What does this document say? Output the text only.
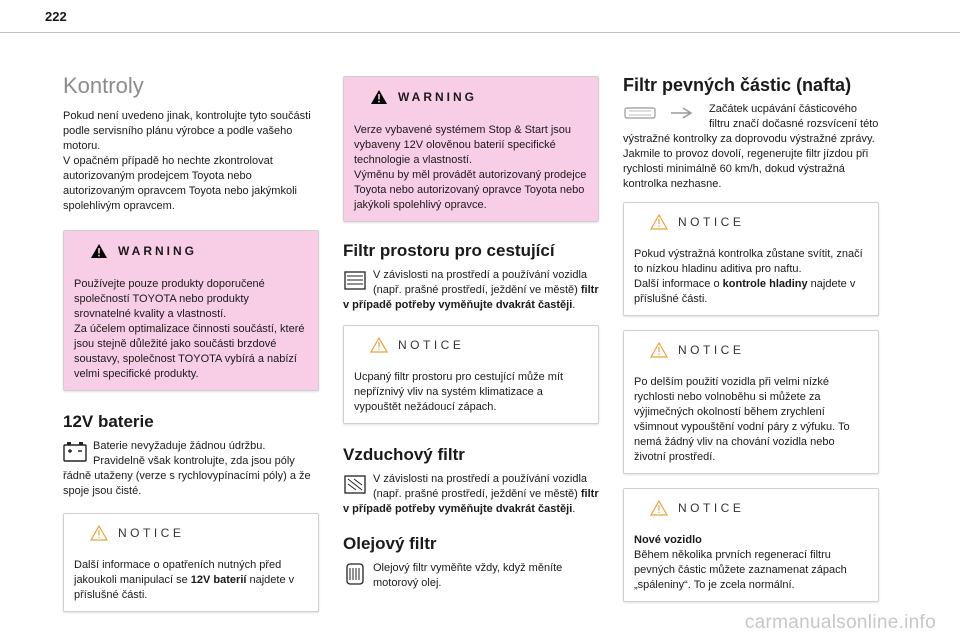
222
Kontroly

Pokud není uvedeno jinak, kontrolujte tyto součásti podle servisního plánu výrobce a podle vašeho motoru.

V opačném případě ho nechte zkontrolovat autorizovaným prodejcem Toyota nebo autorizovaným opravcem Toyota nebo jakýmkoli spolehlivým opravcem.

WARNING

Používejte pouze produkty doporučené společností TOYOTA nebo produkty srovnatelné kvality a vlastností.

Za účelem optimalizace činnosti součástí, které jsou stejně důležité jako součásti brzdové soustavy, společnost TOYOTA vybírá a nabízí velmi specifické produkty.

12V baterie

Baterie nevyžaduje žádnou údržbu. Pravidelně však kontrolujte, zda jsou póly řádně utaženy (verze s rychlovypínacími póly) a že spoje jsou čisté.

NOTICE

Další informace o opatřeních nutných před jakoukoli manipulací se 12V baterií najdete v příslušné části.

WARNING

Verze vybavené systémem Stop & Start jsou vybaveny 12V olověnou baterií specifické technologie a vlastností.

Výměnu by měl provádět autorizovaný prodejce Toyota nebo autorizovaný opravce Toyota nebo jakýkoli spolehlivý opravce.

Filtr prostoru pro cestující

V závislosti na prostředí a používání vozidla (např. prašné prostředí, ježdění ve městě) filtr v případě potřeby vyměňujte dvakrát častěji.

NOTICE

Ucpaný filtr prostoru pro cestující může mít nepříznivý vliv na systém klimatizace a vypouštět nežádoucí zápach.

Vzduchový filtr

V závislosti na prostředí a používání vozidla (např. prašné prostředí, ježdění ve městě) filtr v případě potřeby vyměňujte dvakrát častěji.

Olejový filtr

Olejový filtr vyměňte vždy, když měníte motorový olej.

Filtr pevných částic (nafta)

Začátek ucpávání částicového filtru značí dočasné rozsvícení této výstražné kontrolky za doprovodu výstražné zprávy.

Jakmile to provoz dovolí, regenerujte filtr jízdou při rychlosti minimálně 60 km/h, dokud výstražná kontrolka nezhasne.

NOTICE

Pokud výstražná kontrolka zůstane svítit, značí to nízkou hladinu aditiva pro naftu.

Další informace o kontrole hladiny najdete v příslušné části.

NOTICE

Po delším použití vozidla při velmi nízké rychlosti nebo volnoběhu si můžete za výjimečných okolností během zrychlení všimnout vypouštění vodní páry z výfuku. To nemá žádný vliv na chování vozidla nebo životní prostředí.

NOTICE

Nové vozidlo
Během několika prvních regenerací filtru pevných částic můžete zaznamenat zápach „spáleniny“. To je zcela normální.

carmanualsonline.info
